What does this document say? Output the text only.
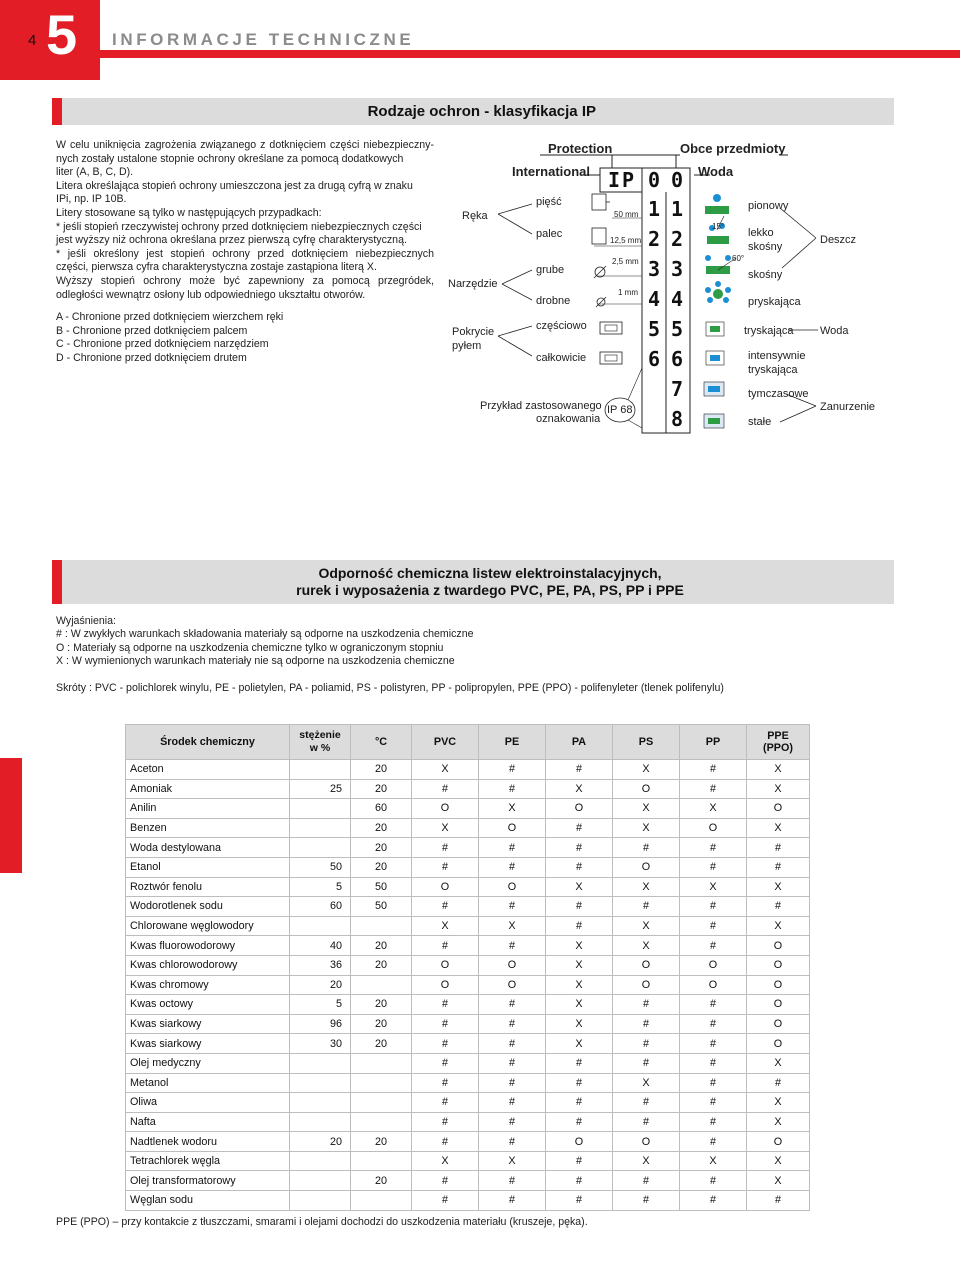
4 5 INFORMACJE TECHNICZNE
Rodzaje ochron - klasyfikacja IP

W celu uniknięcia zagrożenia związanego z dotknięciem części niebezpieczny-

nych zostały ustalone stopnie ochrony określane za pomocą dodatkowych

liter (A, B, C, D).

Litera określająca stopień ochrony umieszczona jest za drugą cyfrą w znaku

IPi, np. IP 10B.

Litery stosowane są tylko w następujących przypadkach:

* jeśli stopień rzeczywistej ochrony przed dotknięciem niebezpiecznych części

jest wyższy niż ochrona określana przez pierwszą cyfrę charakterystyczną.

* jeśli określony jest stopień ochrony przed dotknięciem niebezpiecznych

części, pierwsza cyfra charakterystyczna zostaje zastąpiona literą X.

Wyższy stopień ochrony może być zapewniony za pomocą przegródek,

odległości wewnątrz osłony lub odpowiedniego ukształtu otworów.

A - Chronione przed dotknięciem wierzchem ręki

B - Chronione przed dotknięciem palcem

C - Chronione przed dotknięciem narzędziem

D - Chronione przed dotknięciem drutem

Protection
International
Obce przedmioty
Woda
IP
Ręka
Narzędzie
Pokrycie
pyłem
pięść
palec
grube
drobne
częściowo
całkowicie
50 mm
12,5 mm
2,5 mm
1 mm
0
1
2
3
4
5
6
0
1
2
3
4
5
6
7
8
15°
60°
pionowy
lekko
skośny
skośny
pryskająca
tryskająca
intensywnie
tryskająca
tymczasowe
stałe
Deszcz
Woda
Zanurzenie
Przykład zastosowanego
oznakowania
IP 68
Odporność chemiczna listew elektroinstalacyjnych,
rurek i wyposażenia z twardego PVC, PE, PA, PS, PP i PPE

Wyjaśnienia:

# : W zwykłych warunkach składowania materiały są odporne na uszkodzenia chemiczne

O : Materiały są odporne na uszkodzenia chemiczne tylko w ograniczonym stopniu

X : W wymienionych warunkach materiały nie są odporne na uszkodzenia chemiczne

Skróty : PVC - polichlorek winylu, PE - polietylen, PA - poliamid, PS - polistyren, PP - polipropylen, PPE (PPO) - polifenyleter (tlenek polifenylu)
Środek chemiczny	stężenie w %	°C	PVC	PE	PA	PS	PP	PPE (PPO)
Aceton		20	X	#	#	X	#	X
Amoniak	25	20	#	#	X	O	#	X
Anilin		60	O	X	O	X	X	O
Benzen		20	X	O	#	X	O	X
Woda destylowana		20	#	#	#	#	#	#
Etanol	50	20	#	#	#	O	#	#
Roztwór fenolu	5	50	O	O	X	X	X	X
Wodorotlenek sodu	60	50	#	#	#	#	#	#
Chlorowane węglowodory			X	X	#	X	#	X
Kwas fluorowodorowy	40	20	#	#	X	X	#	O
Kwas chlorowodorowy	36	20	O	O	X	O	O	O
Kwas chromowy	20		O	O	X	O	O	O
Kwas octowy	5	20	#	#	X	#	#	O
Kwas siarkowy	96	20	#	#	X	#	#	O
Kwas siarkowy	30	20	#	#	X	#	#	O
Olej medyczny			#	#	#	#	#	X
Metanol			#	#	#	X	#	#
Oliwa			#	#	#	#	#	X
Nafta			#	#	#	#	#	X
Nadtlenek wodoru	20	20	#	#	O	O	#	O
Tetrachlorek węgla			X	X	#	X	X	X
Olej transformatorowy		20	#	#	#	#	#	X
Węglan sodu			#	#	#	#	#	#
PPE (PPO) – przy kontakcie z tłuszczami, smarami i olejami dochodzi do uszkodzenia materiału (kruszeje, pęka).
